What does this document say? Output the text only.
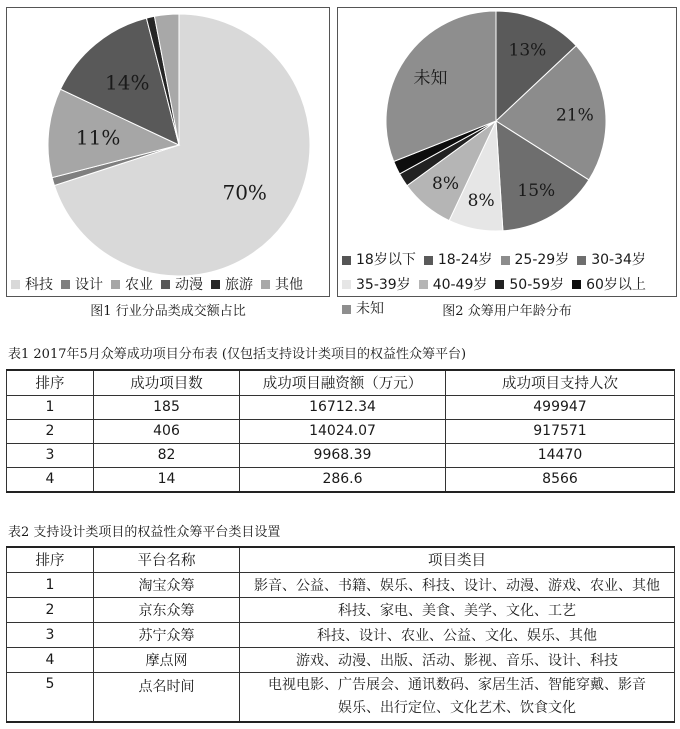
70%
11%
14%
科技 设计 农业 动漫 旅游 其他
图1 行业分品类成交额占比
13%
21%
15%
8%
8%
未知
18岁以下 18-24岁 25-29岁 30-34岁
35-39岁 40-49岁 50-59岁 60岁以上
未知	图2 众筹用户年龄分布
表1 2017年5月众筹成功项目分布表 (仅包括支持设计类项目的权益性众筹平台)
排序	成功项目数	成功项目融资额（万元）	成功项目支持人次
1	185	16712.34	499947
2	406	14024.07	917571
3	82	9968.39	14470
4	14	286.6	8566
表2 支持设计类项目的权益性众筹平台类目设置
排序	平台名称	项目类目
1	淘宝众筹	影音、公益、书籍、娱乐、科技、设计、动漫、游戏、农业、其他
2	京东众筹	科技、家电、美食、美学、文化、工艺
3	苏宁众筹	科技、设计、农业、公益、文化、娱乐、其他
4	摩点网	游戏、动漫、出版、活动、影视、音乐、设计、科技
5	点名时间	电视电影、广告展会、通讯数码、家居生活、智能穿戴、影音
娱乐、出行定位、文化艺术、饮食文化
